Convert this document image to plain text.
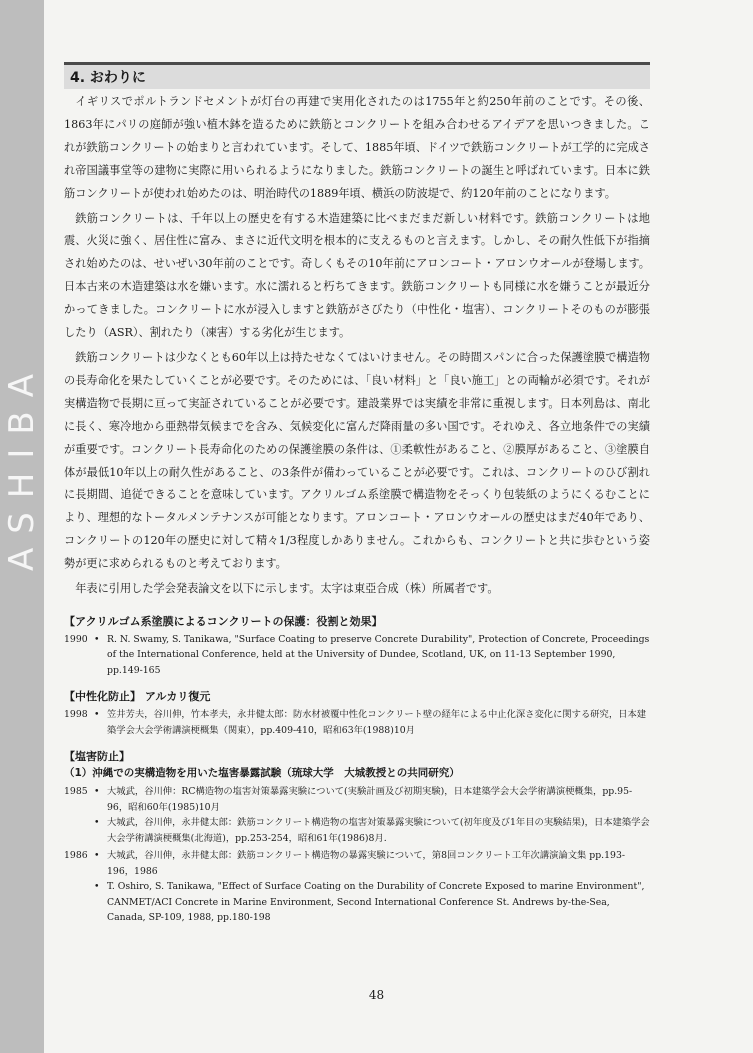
ASHIBA
4. おわりに

イギリスでポルトランドセメントが灯台の再建で実用化されたのは1755年と約250年前のことです。その後、1863年にパリの庭師が強い植木鉢を造るために鉄筋とコンクリートを組み合わせるアイデアを思いつきました。これが鉄筋コンクリートの始まりと言われています。そして、1885年頃、ドイツで鉄筋コンクリートが工学的に完成され帝国議事堂等の建物に実際に用いられるようになりました。鉄筋コンクリートの誕生と呼ばれています。日本に鉄筋コンクリートが使われ始めたのは、明治時代の1889年頃、横浜の防波堤で、約120年前のことになります。

鉄筋コンクリートは、千年以上の歴史を有する木造建築に比べまだまだ新しい材料です。鉄筋コンクリートは地震、火災に強く、居住性に富み、まさに近代文明を根本的に支えるものと言えます。しかし、その耐久性低下が指摘され始めたのは、せいぜい30年前のことです。奇しくもその10年前にアロンコート・アロンウオールが登場します。日本古来の木造建築は水を嫌います。水に濡れると朽ちてきます。鉄筋コンクリートも同様に水を嫌うことが最近分かってきました。コンクリートに水が浸入しますと鉄筋がさびたり（中性化・塩害）、コンクリートそのものが膨張したり（ASR）、割れたり（凍害）する劣化が生じます。

鉄筋コンクリートは少なくとも60年以上は持たせなくてはいけません。その時間スパンに合った保護塗膜で構造物の長寿命化を果たしていくことが必要です。そのためには、「良い材料」と「良い施工」との両輪が必須です。それが実構造物で長期に亘って実証されていることが必要です。建設業界では実績を非常に重視します。日本列島は、南北に長く、寒冷地から亜熱帯気候までを含み、気候変化に富んだ降雨量の多い国です。それゆえ、各立地条件での実績が重要です。コンクリート長寿命化のための保護塗膜の条件は、①柔軟性があること、②膜厚があること、③塗膜自体が最低10年以上の耐久性があること、の3条件が備わっていることが必要です。これは、コンクリートのひび割れに長期間、追従できることを意味しています。アクリルゴム系塗膜で構造物をそっくり包装紙のようにくるむことにより、理想的なトータルメンテナンスが可能となります。アロンコート・アロンウオールの歴史はまだ40年であり、コンクリートの120年の歴史に対して精々1/3程度しかありません。これからも、コンクリートと共に歩むという姿勢が更に求められるものと考えております。

年表に引用した学会発表論文を以下に示します。太字は東亞合成（株）所属者です。

【アクリルゴム系塗膜によるコンクリートの保護：役割と効果】
1990 • R. N. Swamy, S. Tanikawa, "Surface Coating to preserve Concrete Durability", Protection of Concrete, Proceedings of the International Conference, held at the University of Dundee, Scotland, UK, on 11-13 September 1990, pp.149-165
【中性化防止】 アルカリ復元
1998 • 笠井芳夫，谷川伸，竹本孝夫，永井健太郎：防水材被覆中性化コンクリート壁の経年による中止化深さ変化に関する研究，日本建築学会大会学術講演梗概集（関東），pp.409-410，昭和63年(1988)10月
【塩害防止】
（1）沖縄での実構造物を用いた塩害暴露試験（琉球大学　大城教授との共同研究）
1985 • 大城武，谷川伸：RC構造物の塩害対策暴露実験について(実験計画及び初期実験)，日本建築学会大会学術講演梗概集，pp.95-96，昭和60年(1985)10月
• 大城武，谷川伸，永井健太郎：鉄筋コンクリート構造物の塩害対策暴露実験について(初年度及び1年目の実験結果)，日本建築学会大会学術講演梗概集(北海道)，pp.253-254，昭和61年(1986)8月.
1986 • 大城武，谷川伸，永井健太郎：鉄筋コンクリート構造物の暴露実験について，第8回コンクリート工年次講演論文集 pp.193-196，1986
• T. Oshiro, S. Tanikawa, "Effect of Surface Coating on the Durability of Concrete Exposed to marine Environment", CANMET/ACI Concrete in Marine Environment, Second International Conference St. Andrews by-the-Sea, Canada, SP-109, 1988, pp.180-198
48
